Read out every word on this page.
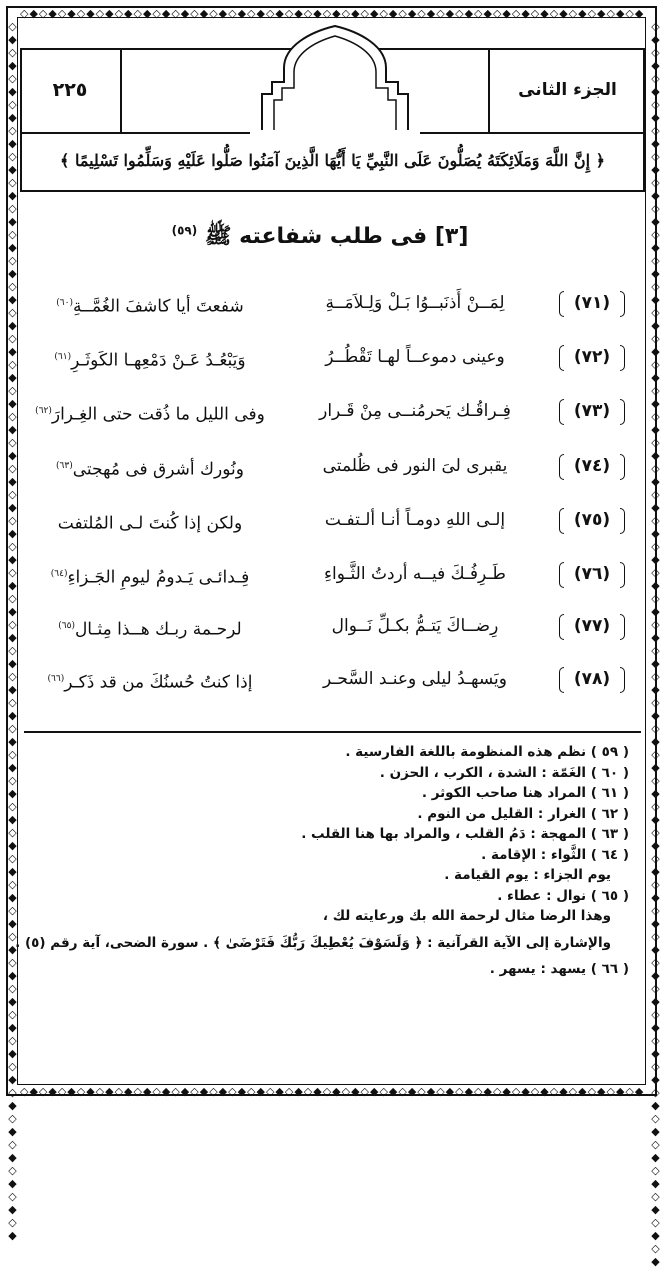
◇◆◇◆◇◆◇◆◇◆◇◆◇◆◇◆◇◆◇◆◇◆◇◆◇◆◇◆◇◆◇◆◇◆◇◆◇◆◇◆◇◆◇◆◇◆◇◆◇◆◇◆◇◆◇◆◇◆◇◆◇◆◇◆◇◆
◇◆◇◆◇◆◇◆◇◆◇◆◇◆◇◆◇◆◇◆◇◆◇◆◇◆◇◆◇◆◇◆◇◆◇◆◇◆◇◆◇◆◇◆◇◆◇◆◇◆◇◆◇◆◇◆◇◆◇◆◇◆◇◆◇◆
◇◆◇◆◇◆◇◆◇◆◇◆◇◆◇◆◇◆◇◆◇◆◇◆◇◆◇◆◇◆◇◆◇◆◇◆◇◆◇◆◇◆◇◆◇◆◇◆◇◆◇◆◇◆◇◆◇◆◇◆◇◆◇◆◇◆◇◆◇◆◇◆◇◆◇◆◇◆◇◆◇◆◇◆◇◆◇◆◇◆◇◆◇◆
◇◆◇◆◇◆◇◆◇◆◇◆◇◆◇◆◇◆◇◆◇◆◇◆◇◆◇◆◇◆◇◆◇◆◇◆◇◆◇◆◇◆◇◆◇◆◇◆◇◆◇◆◇◆◇◆◇◆◇◆◇◆◇◆◇◆◇◆◇◆◇◆◇◆◇◆◇◆◇◆◇◆◇◆◇◆◇◆◇◆◇◆◇◆◇◆
٢٢٥	الجزء الثانى
﴿ إِنَّ اللَّهَ وَمَلَائِكَتَهُ يُصَلُّونَ عَلَى النَّبِيِّ يَا أَيُّهَا الَّذِينَ آمَنُوا صَلُّوا عَلَيْهِ وَسَلِّمُوا تَسْلِيمًا ﴾
[٣] فى طلب شفاعته ﷺ $^{(٥٩)}$
(٧١)
لِمَــنْ أَذنَبــوُا بَـلْ وَلِـلاَمَــةِ
شفعتَ أيا كاشفَ الغُمَّــةِ$^{(٦٠)}$
(٧٢)
وعينى دموعــاً لهـا تَقْطُــرُ
وَيَبْعُـدُ عَـنْ دَمْعِهـا الكَوثَـرِ$^{(٦١)}$
(٧٣)
فِـراقُـك يَحرمُنــى مِنْ قَـرار
وفى الليل ما ذُقت حتى الغِـرارَ$^{(٦٢)}$
(٧٤)
يقبرى لىَ النور فى ظُلمتى
ونُورك أشرق فى مُهجتى$^{(٦٣)}$
(٧٥)
إلـى اللهِ دومـاً أنـا ألـتفـت
ولكن إذا كُنتَ لـى المُلتفت
(٧٦)
طَـرِفُـكَ فيــه أردتُ الثَّـواءِ
فِـدائـى يَـدومُ ليومِ الجَـزاءِ$^{(٦٤)}$
(٧٧)
رِضــاكَ يَتـمُّ بكـلِّ نَــوال
لرحـمة ربـك هــذا مِثـال$^{(٦٥)}$
(٧٨)
ويَسهـدُ ليلى وعنـد السَّحـر
إذا كنتُ حُسنُكَ من قد ذَكـر$^{(٦٦)}$
( ٥٩ ) نظم هذه المنظومة باللغة الفارسية .
( ٦٠ ) الغَمّة : الشدة ، الكرب ، الحزن .
( ٦١ ) المراد هنا صاحب الكوثر .
( ٦٢ ) الغرار : القليل من النوم .
( ٦٣ ) المهجة : دَمُ القلب ، والمراد بها هنا القلب .
( ٦٤ ) الثَّواء : الإقامة .
يوم الجزاء : يوم القيامة .
( ٦٥ ) نوال : عطاء .
وهذا الرضا مثال لرحمة الله بك ورعايته لك ،
والإشارة إلى الآية القرآنية : ﴿ وَلَسَوْفَ يُعْطِيكَ رَبُّكَ فَتَرْضَىٰ ﴾ . سورة الضحى، آية رقم (٥) .
( ٦٦ ) يسهد : يسهر .
